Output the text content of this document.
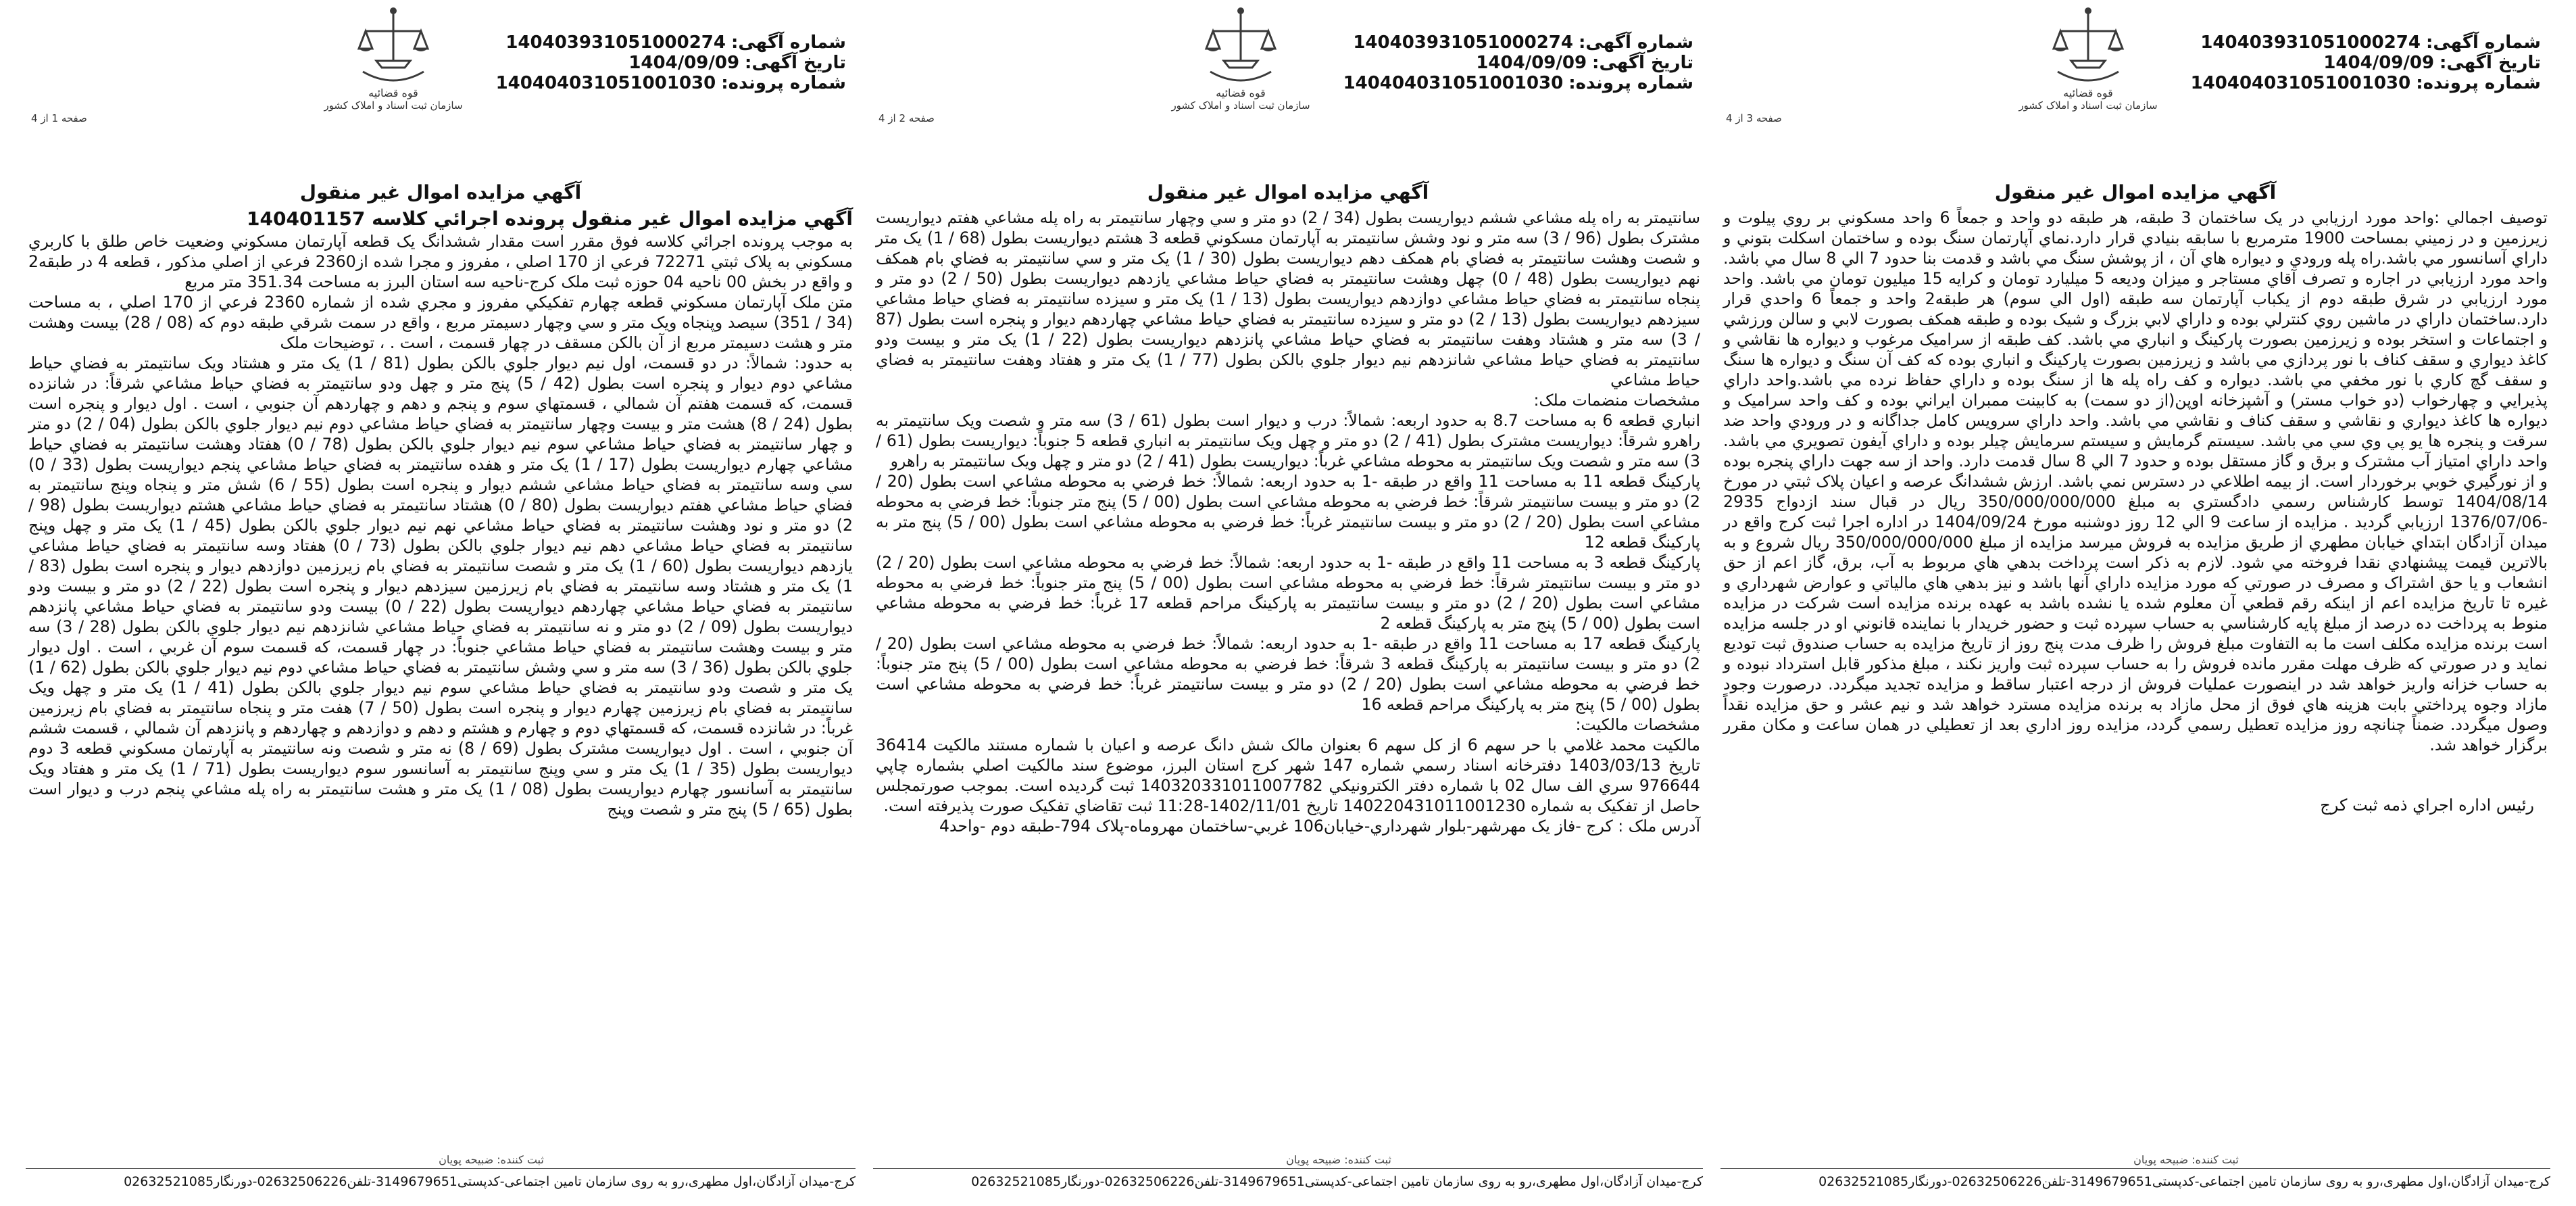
شماره آگهی:
140403931051000274
تاریخ آگهی:
1404/09/09
شماره پرونده:
140404031051001030
قوه قضائیه
سازمان ثبت اسناد و املاک کشور
صفحه 3 از 4
آگهي مزايده اموال غير منقول

توصيف اجمالي :واحد مورد ارزيابي در يک ساختمان 3 طبقه، هر طبقه دو واحد و جمعاً 6 واحد مسکوني بر روي پيلوت و زيرزمين و در زميني بمساحت 1900 مترمربع با سابقه بنيادي قرار دارد.نماي آپارتمان سنگ بوده و ساختمان اسکلت بتوني و داراي آسانسور مي باشد.راه پله ورودي و ديواره هاي آن ، از پوشش سنگ مي باشد و قدمت بنا حدود 7 الي 8 سال مي باشد. واحد مورد ارزيابي در اجاره و تصرف آقاي مستاجر و ميزان وديعه 5 ميليارد تومان و کرايه 15 ميليون تومان مي باشد. واحد مورد ارزيابي در شرق طبقه دوم از يکباب آپارتمان سه طبقه (اول الي سوم) هر طبقه2 واحد و جمعاً 6 واحدي قرار دارد.ساختمان داراي در ماشين روي کنترلي بوده و داراي لابي بزرگ و شيک بوده و طبقه همکف بصورت لابي و سالن ورزشي و اجتماعات و استخر بوده و زيرزمين بصورت پارکينگ و انباري مي باشد. کف طبقه از سراميک مرغوب و ديواره ها نقاشي و کاغذ ديواري و سقف کناف با نور پردازي مي باشد و زيرزمين بصورت پارکينگ و انباري بوده که کف آن سنگ و ديواره ها سنگ و سقف گچ کاري با نور مخفي مي باشد. ديواره و کف راه پله ها از سنگ بوده و داراي حفاظ نرده مي باشد.واحد داراي پذيرايي و چهارخواب (دو خواب مستر) و آشپزخانه اوپن(از دو سمت) به کابينت ممبران ايراني بوده و کف واحد سراميک و ديواره ها کاغذ ديواري و نقاشي و سقف کناف و نقاشي مي باشد. واحد داراي سرويس کامل جداگانه و در ورودي واحد ضد سرقت و پنجره ها يو پي وي سي مي باشد. سيستم گرمايش و سيستم سرمايش چيلر بوده و داراي آيفون تصويري مي باشد. واحد داراي امتياز آب مشترک و برق و گاز مستقل بوده و حدود 7 الي 8 سال قدمت دارد. واحد از سه جهت داراي پنجره بوده و از نورگيري خوبي برخوردار است. از بيمه اطلاعي در دسترس نمي باشد. ارزش ششدانگ عرصه و اعيان پلاک ثبتي در مورخ 1404/08/14 توسط کارشناس رسمي دادگستري به مبلغ 350/000/000/000 ريال در قبال سند ازدواج 2935 -1376/07/06 ارزيابي گرديد . مزايده از ساعت 9 الي 12 روز دوشنبه مورخ 1404/09/24 در اداره اجرا ثبت کرج واقع در ميدان آزادگان ابتداي خيابان مطهري از طريق مزايده به فروش ميرسد مزايده از مبلغ 350/000/000/000 ريال شروع و به بالاترين قيمت پيشنهادي نقدا فروخته مي شود. لازم به ذکر است پرداخت بدهي هاي مربوط به آب، برق، گاز اعم از حق انشعاب و يا حق اشتراک و مصرف در صورتي که مورد مزايده داراي آنها باشد و نيز بدهي هاي مالياتي و عوارض شهرداري و غيره تا تاريخ مزايده اعم از اينکه رقم قطعي آن معلوم شده يا نشده باشد به عهده برنده مزايده است شرکت در مزايده منوط به پرداخت ده درصد از مبلغ پايه کارشناسي به حساب سپرده ثبت و حضور خريدار با نماينده قانوني او در جلسه مزايده است برنده مزايده مکلف است ما به التفاوت مبلغ فروش را ظرف مدت پنج روز از تاريخ مزايده به حساب صندوق ثبت توديع نمايد و در صورتي که ظرف مهلت مقرر مانده فروش را به حساب سپرده ثبت واريز نکند ، مبلغ مذکور قابل استرداد نبوده و به حساب خزانه واريز خواهد شد در اينصورت عمليات فروش از درجه اعتبار ساقط و مزايده تجديد ميگردد. درصورت وجود مازاد وجوه پرداختي بابت هزينه هاي فوق از محل مازاد به برنده مزايده مسترد خواهد شد و نيم عشر و حق مزايده نقداً وصول ميگردد. ضمناً چنانچه روز مزايده تعطيل رسمي گردد، مزايده روز اداري بعد از تعطيلي در همان ساعت و مکان مقرر برگزار خواهد شد.

رئيس اداره اجراي ذمه ثبت کرج
ثبت کننده: ضبیحه پویان
کرج-میدان آزادگان،اول مطهری،رو به روی سازمان تامین اجتماعی-کدپستی3149679651-تلفن02632506226-دورنگار02632521085
شماره آگهی:
140403931051000274
تاریخ آگهی:
1404/09/09
شماره پرونده:
140404031051001030
قوه قضائیه
سازمان ثبت اسناد و املاک کشور
صفحه 2 از 4
آگهي مزايده اموال غير منقول

سانتيمتر به راه پله مشاعي ششم ديواريست بطول (34 / 2) دو متر و سي وچهار سانتيمتر به راه پله مشاعي هفتم ديواريست مشترک بطول (96 / 3) سه متر و نود وشش سانتيمتر به آپارتمان مسکوني قطعه 3 هشتم ديواريست بطول (68 / 1) يک متر و شصت وهشت سانتيمتر به فضاي بام همکف دهم ديواريست بطول (30 / 1) يک متر و سي سانتيمتر به فضاي بام همکف نهم ديواريست بطول (48 / 0) چهل وهشت سانتيمتر به فضاي حياط مشاعي يازدهم ديواريست بطول (50 / 2) دو متر و پنجاه سانتيمتر به فضاي حياط مشاعي دوازدهم ديواريست بطول (13 / 1) يک متر و سيزده سانتيمتر به فضاي حياط مشاعي سيزدهم ديواريست بطول (13 / 2) دو متر و سيزده سانتيمتر به فضاي حياط مشاعي چهاردهم ديوار و پنجره است بطول (87 / 3) سه متر و هشتاد وهفت سانتيمتر به فضاي حياط مشاعي پانزدهم ديواريست بطول (22 / 1) يک متر و بيست ودو سانتيمتر به فضاي حياط مشاعي شانزدهم نيم ديوار جلوي بالکن بطول (77 / 1) يک متر و هفتاد وهفت سانتيمتر به فضاي حياط مشاعي

مشخصات منضمات ملک:

انباري قطعه 6 به مساحت 8.7 به حدود اربعه: شمالاً: درب و ديوار است بطول (61 / 3) سه متر و شصت ويک سانتيمتر به راهرو شرقاً: ديواريست مشترک بطول (41 / 2) دو متر و چهل ويک سانتيمتر به انباري قطعه 5 جنوباً: ديواريست بطول (61 / 3) سه متر و شصت ويک سانتيمتر به محوطه مشاعي غرباً: ديواريست بطول (41 / 2) دو متر و چهل ويک سانتيمتر به راهرو

پارکينگ قطعه 11 به مساحت 11 واقع در طبقه -1 به حدود اربعه: شمالاً: خط فرضي به محوطه مشاعي است بطول (20 / 2) دو متر و بيست سانتيمتر شرقاً: خط فرضي به محوطه مشاعي است بطول (00 / 5) پنج متر جنوباً: خط فرضي به محوطه مشاعي است بطول (20 / 2) دو متر و بيست سانتيمتر غرباً: خط فرضي به محوطه مشاعي است بطول (00 / 5) پنج متر به پارکينگ قطعه 12

پارکينگ قطعه 3 به مساحت 11 واقع در طبقه -1 به حدود اربعه: شمالاً: خط فرضي به محوطه مشاعي است بطول (20 / 2) دو متر و بيست سانتيمتر شرقاً: خط فرضي به محوطه مشاعي است بطول (00 / 5) پنج متر جنوباً: خط فرضي به محوطه مشاعي است بطول (20 / 2) دو متر و بيست سانتيمتر به پارکينگ مراحم قطعه 17 غرباً: خط فرضي به محوطه مشاعي است بطول (00 / 5) پنج متر به پارکينگ قطعه 2

پارکينگ قطعه 17 به مساحت 11 واقع در طبقه -1 به حدود اربعه: شمالاً: خط فرضي به محوطه مشاعي است بطول (20 / 2) دو متر و بيست سانتيمتر به پارکينگ قطعه 3 شرقاً: خط فرضي به محوطه مشاعي است بطول (00 / 5) پنج متر جنوباً: خط فرضي به محوطه مشاعي است بطول (20 / 2) دو متر و بيست سانتيمتر غرباً: خط فرضي به محوطه مشاعي است بطول (00 / 5) پنج متر به پارکينگ مراحم قطعه 16

مشخصات مالکيت:

مالکيت محمد غلامي با حر سهم 6 از کل سهم 6 بعنوان مالک شش دانگ عرصه و اعيان با شماره مستند مالکيت 36414 تاريخ 1403/03/13 دفترخانه اسناد رسمي شماره 147 شهر کرج استان البرز، موضوع سند مالکيت اصلي بشماره چاپي 976644 سري الف سال 02 با شماره دفتر الکترونيکي 140320331011007782 ثبت گرديده است. بموجب صورتمجلس حاصل از تفکيک به شماره 140220431011001230 تاريخ 1402/11/01-11:28 ثبت تقاضاي تفکيک صورت پذيرفته است.

آدرس ملک : کرج -فاز يک مهرشهر-بلوار شهرداري-خيابان106 غربي-ساختمان مهروماه-پلاک 794-طبقه دوم -واحد4

ثبت کننده: ضبیحه پویان
کرج-میدان آزادگان،اول مطهری،رو به روی سازمان تامین اجتماعی-کدپستی3149679651-تلفن02632506226-دورنگار02632521085
شماره آگهی:
140403931051000274
تاریخ آگهی:
1404/09/09
شماره پرونده:
140404031051001030
قوه قضائیه
سازمان ثبت اسناد و املاک کشور
صفحه 1 از 4
آگهي مزايده اموال غير منقول
آگهي مزايده اموال غير منقول پرونده اجرائي کلاسه 140401157

به موجب پرونده اجرائي کلاسه فوق مقرر است مقدار ششدانگ يک قطعه آپارتمان مسکوني وضعيت خاص طلق با کاربري مسکوني به پلاک ثبتي 72271 فرعي از 170 اصلي ، مفروز و مجرا شده از2360 فرعي از اصلي مذکور ، قطعه 4 در طبقه2 و واقع در بخش 00 ناحيه 04 حوزه ثبت ملک کرج-ناحيه سه استان البرز به مساحت 351.34 متر مربع

متن ملک آپارتمان مسکوني قطعه چهارم تفکيکي مفروز و مجري شده از شماره 2360 فرعي از 170 اصلي ، به مساحت (34 / 351) سيصد وپنجاه ويک متر و سي وچهار دسيمتر مربع ، واقع در سمت شرقي طبقه دوم که (08 / 28) بيست وهشت متر و هشت دسيمتر مربع از آن بالکن مسقف در چهار قسمت ، است . ، توضيحات ملک

به حدود: شمالاً: در دو قسمت، اول نيم ديوار جلوي بالکن بطول (81 / 1) يک متر و هشتاد ويک سانتيمتر به فضاي حياط مشاعي دوم ديوار و پنجره است بطول (42 / 5) پنج متر و چهل ودو سانتيمتر به فضاي حياط مشاعي شرقاً: در شانزده قسمت، که قسمت هفتم آن شمالي ، قسمتهاي سوم و پنجم و دهم و چهاردهم آن جنوبي ، است . اول ديوار و پنجره است بطول (24 / 8) هشت متر و بيست وچهار سانتيمتر به فضاي حياط مشاعي دوم نيم ديوار جلوي بالکن بطول (04 / 2) دو متر و چهار سانتيمتر به فضاي حياط مشاعي سوم نيم ديوار جلوي بالکن بطول (78 / 0) هفتاد وهشت سانتيمتر به فضاي حياط مشاعي چهارم ديواريست بطول (17 / 1) يک متر و هفده سانتيمتر به فضاي حياط مشاعي پنجم ديواريست بطول (33 / 0) سي وسه سانتيمتر به فضاي حياط مشاعي ششم ديوار و پنجره است بطول (55 / 6) شش متر و پنجاه وپنج سانتيمتر به فضاي حياط مشاعي هفتم ديواريست بطول (80 / 0) هشتاد سانتيمتر به فضاي حياط مشاعي هشتم ديواريست بطول (98 / 2) دو متر و نود وهشت سانتيمتر به فضاي حياط مشاعي نهم نيم ديوار جلوي بالکن بطول (45 / 1) يک متر و چهل وپنج سانتيمتر به فضاي حياط مشاعي دهم نيم ديوار جلوي بالکن بطول (73 / 0) هفتاد وسه سانتيمتر به فضاي حياط مشاعي يازدهم ديواريست بطول (60 / 1) يک متر و شصت سانتيمتر به فضاي بام زيرزمين دوازدهم ديوار و پنجره است بطول (83 / 1) يک متر و هشتاد وسه سانتيمتر به فضاي بام زيرزمين سيزدهم ديوار و پنجره است بطول (22 / 2) دو متر و بيست ودو سانتيمتر به فضاي حياط مشاعي چهاردهم ديواريست بطول (22 / 0) بيست ودو سانتيمتر به فضاي حياط مشاعي پانزدهم ديواريست بطول (09 / 2) دو متر و نه سانتيمتر به فضاي حياط مشاعي شانزدهم نيم ديوار جلوي بالکن بطول (28 / 3) سه متر و بيست وهشت سانتيمتر به فضاي حياط مشاعي جنوباً: در چهار قسمت، که قسمت سوم آن غربي ، است . اول ديوار جلوي بالکن بطول (36 / 3) سه متر و سي وشش سانتيمتر به فضاي حياط مشاعي دوم نيم ديوار جلوي بالکن بطول (62 / 1) يک متر و شصت ودو سانتيمتر به فضاي حياط مشاعي سوم نيم ديوار جلوي بالکن بطول (41 / 1) يک متر و چهل ويک سانتيمتر به فضاي بام زيرزمين چهارم ديوار و پنجره است بطول (50 / 7) هفت متر و پنجاه سانتيمتر به فضاي بام زيرزمين غرباً: در شانزده قسمت، که قسمتهاي دوم و چهارم و هشتم و دهم و دوازدهم و چهاردهم و پانزدهم آن شمالي ، قسمت ششم آن جنوبي ، است . اول ديواريست مشترک بطول (69 / 8) نه متر و شصت ونه سانتيمتر به آپارتمان مسکوني قطعه 3 دوم ديواريست بطول (35 / 1) يک متر و سي وپنج سانتيمتر به آسانسور سوم ديواريست بطول (71 / 1) يک متر و هفتاد ويک سانتيمتر به آسانسور چهارم ديواريست بطول (08 / 1) يک متر و هشت سانتيمتر به راه پله مشاعي پنجم درب و ديوار است بطول (65 / 5) پنج متر و شصت وپنج

ثبت کننده: ضبیحه پویان
کرج-میدان آزادگان،اول مطهری،رو به روی سازمان تامین اجتماعی-کدپستی3149679651-تلفن02632506226-دورنگار02632521085
